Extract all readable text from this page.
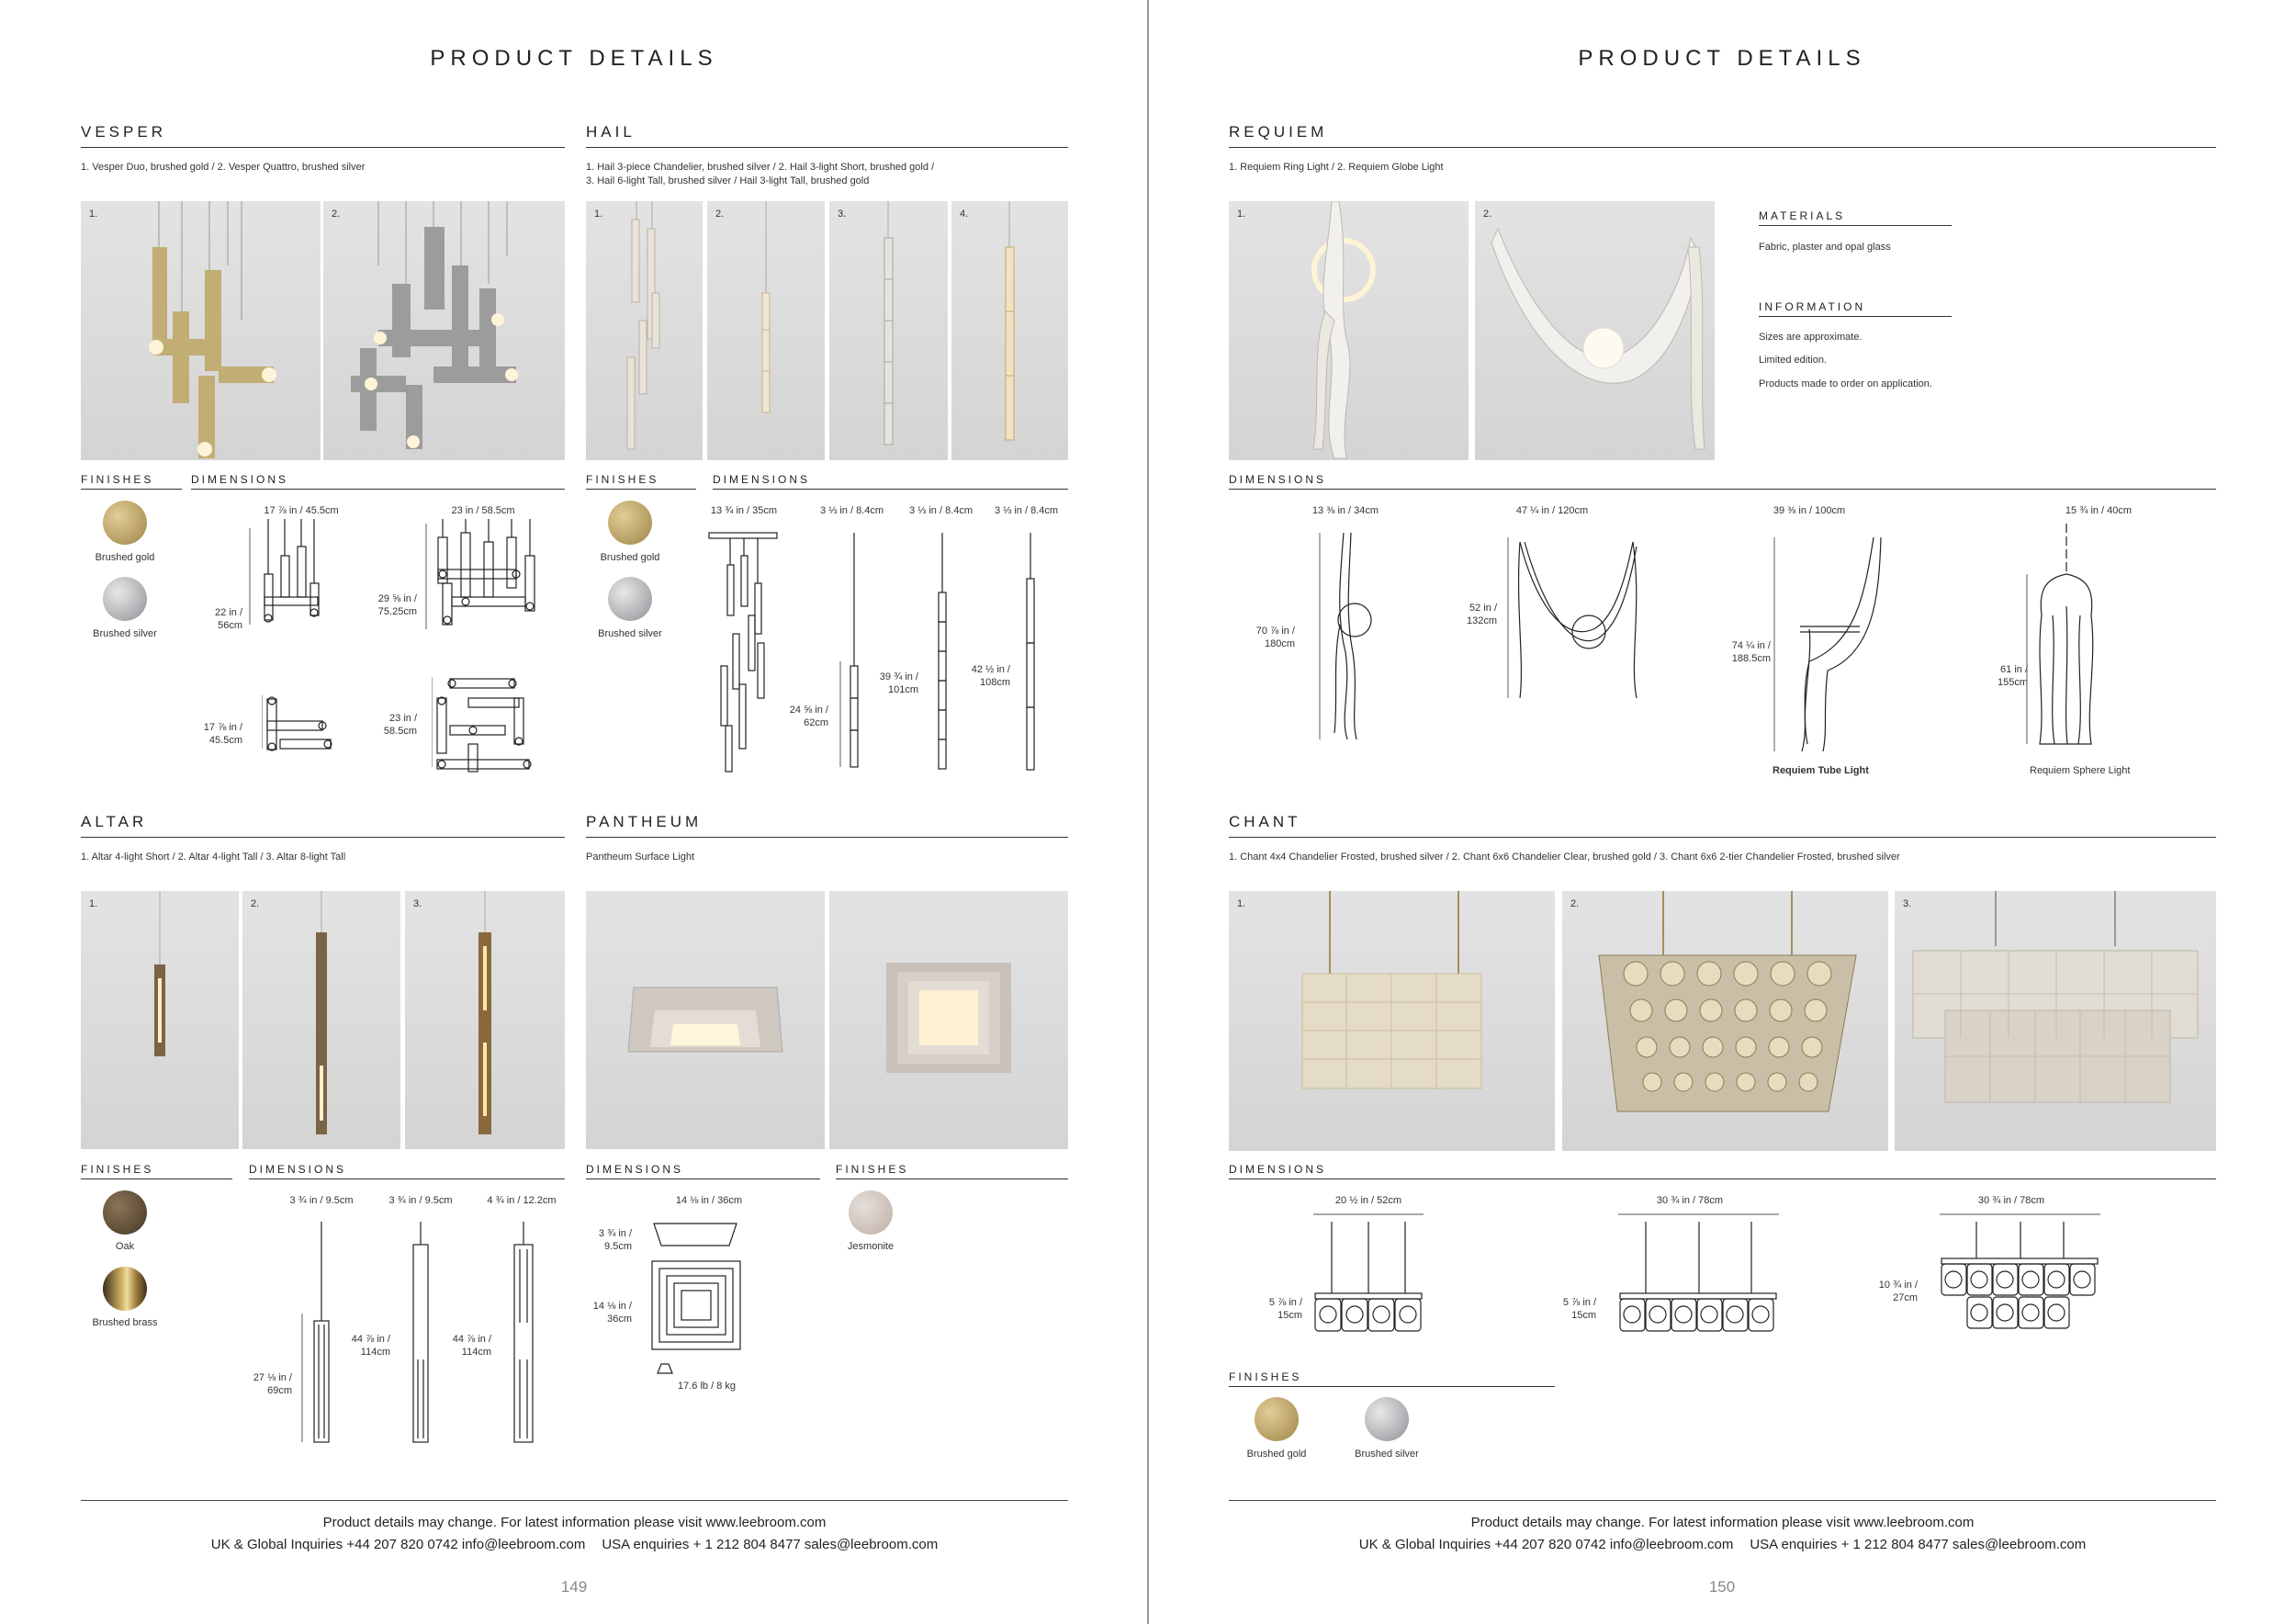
PRODUCT DETAILS
VESPER
1. Vesper Duo, brushed gold / 2. Vesper Quattro, brushed silver
1.	2.
FINISHES	DIMENSIONS
Brushed gold
Brushed silver
17 ⅞ in / 45.5cm	23 in / 58.5cm
22 in /
56cm
29 ⅝ in /
75.25cm
17 ⅞ in /
45.5cm
23 in /
58.5cm
HAIL
1. Hail 3-piece Chandelier, brushed silver / 2. Hail 3-light Short, brushed gold /
3. Hail 6-light Tall, brushed silver / Hail 3-light Tall, brushed gold
1.	2.	3.	4.
FINISHES	DIMENSIONS
Brushed gold
Brushed silver
13 ¾ in / 35cm	3 ⅓ in / 8.4cm	3 ⅓ in / 8.4cm	3 ⅓ in / 8.4cm
24 ⅝ in /
62cm
39 ¾ in /
101cm
42 ½ in /
108cm
ALTAR
1. Altar 4-light Short / 2. Altar 4-light Tall / 3. Altar 8-light Tall
1.	2.	3.
FINISHES	DIMENSIONS
Oak
Brushed brass
3 ¾ in / 9.5cm	3 ¾ in / 9.5cm	4 ¾ in / 12.2cm
27 ⅛ in /
69cm
44 ⅞ in /
114cm
44 ⅞ in /
114cm
PANTHEUM
Pantheum Surface Light
DIMENSIONS	FINISHES
Jesmonite
14 ⅛ in / 36cm
3 ¾ in /
9.5cm
14 ⅛ in /
36cm
17.6 lb / 8 kg
Product details may change. For latest information please visit www.leebroom.com
UK & Global Inquiries +44 207 820 0742 info@leebroom.com USA enquiries + 1 212 804 8477 sales@leebroom.com
149
PRODUCT DETAILS
REQUIEM
1. Requiem Ring Light / 2. Requiem Globe Light
1.	2.	MATERIALS
Fabric, plaster and opal glass
INFORMATION
Sizes are approximate.
Limited edition.
Products made to order on application.
DIMENSIONS
13 ⅜ in / 34cm	47 ¼ in / 120cm	39 ⅜ in / 100cm	15 ¾ in / 40cm
70 ⅞ in /
180cm
52 in /
132cm
74 ¼ in /
188.5cm
61 in /
155cm
Requiem Tube Light	Requiem Sphere Light
CHANT
1. Chant 4x4 Chandelier Frosted, brushed silver / 2. Chant 6x6 Chandelier Clear, brushed gold / 3. Chant 6x6 2-tier Chandelier Frosted, brushed silver
1.	2.	3.
DIMENSIONS
20 ½ in / 52cm	30 ¾ in / 78cm	30 ¾ in / 78cm
5 ⅞ in /
15cm
5 ⅞ in /
15cm
10 ¾ in /
27cm
FINISHES
Brushed gold	Brushed silver
Product details may change. For latest information please visit www.leebroom.com
UK & Global Inquiries +44 207 820 0742 info@leebroom.com USA enquiries + 1 212 804 8477 sales@leebroom.com
150
